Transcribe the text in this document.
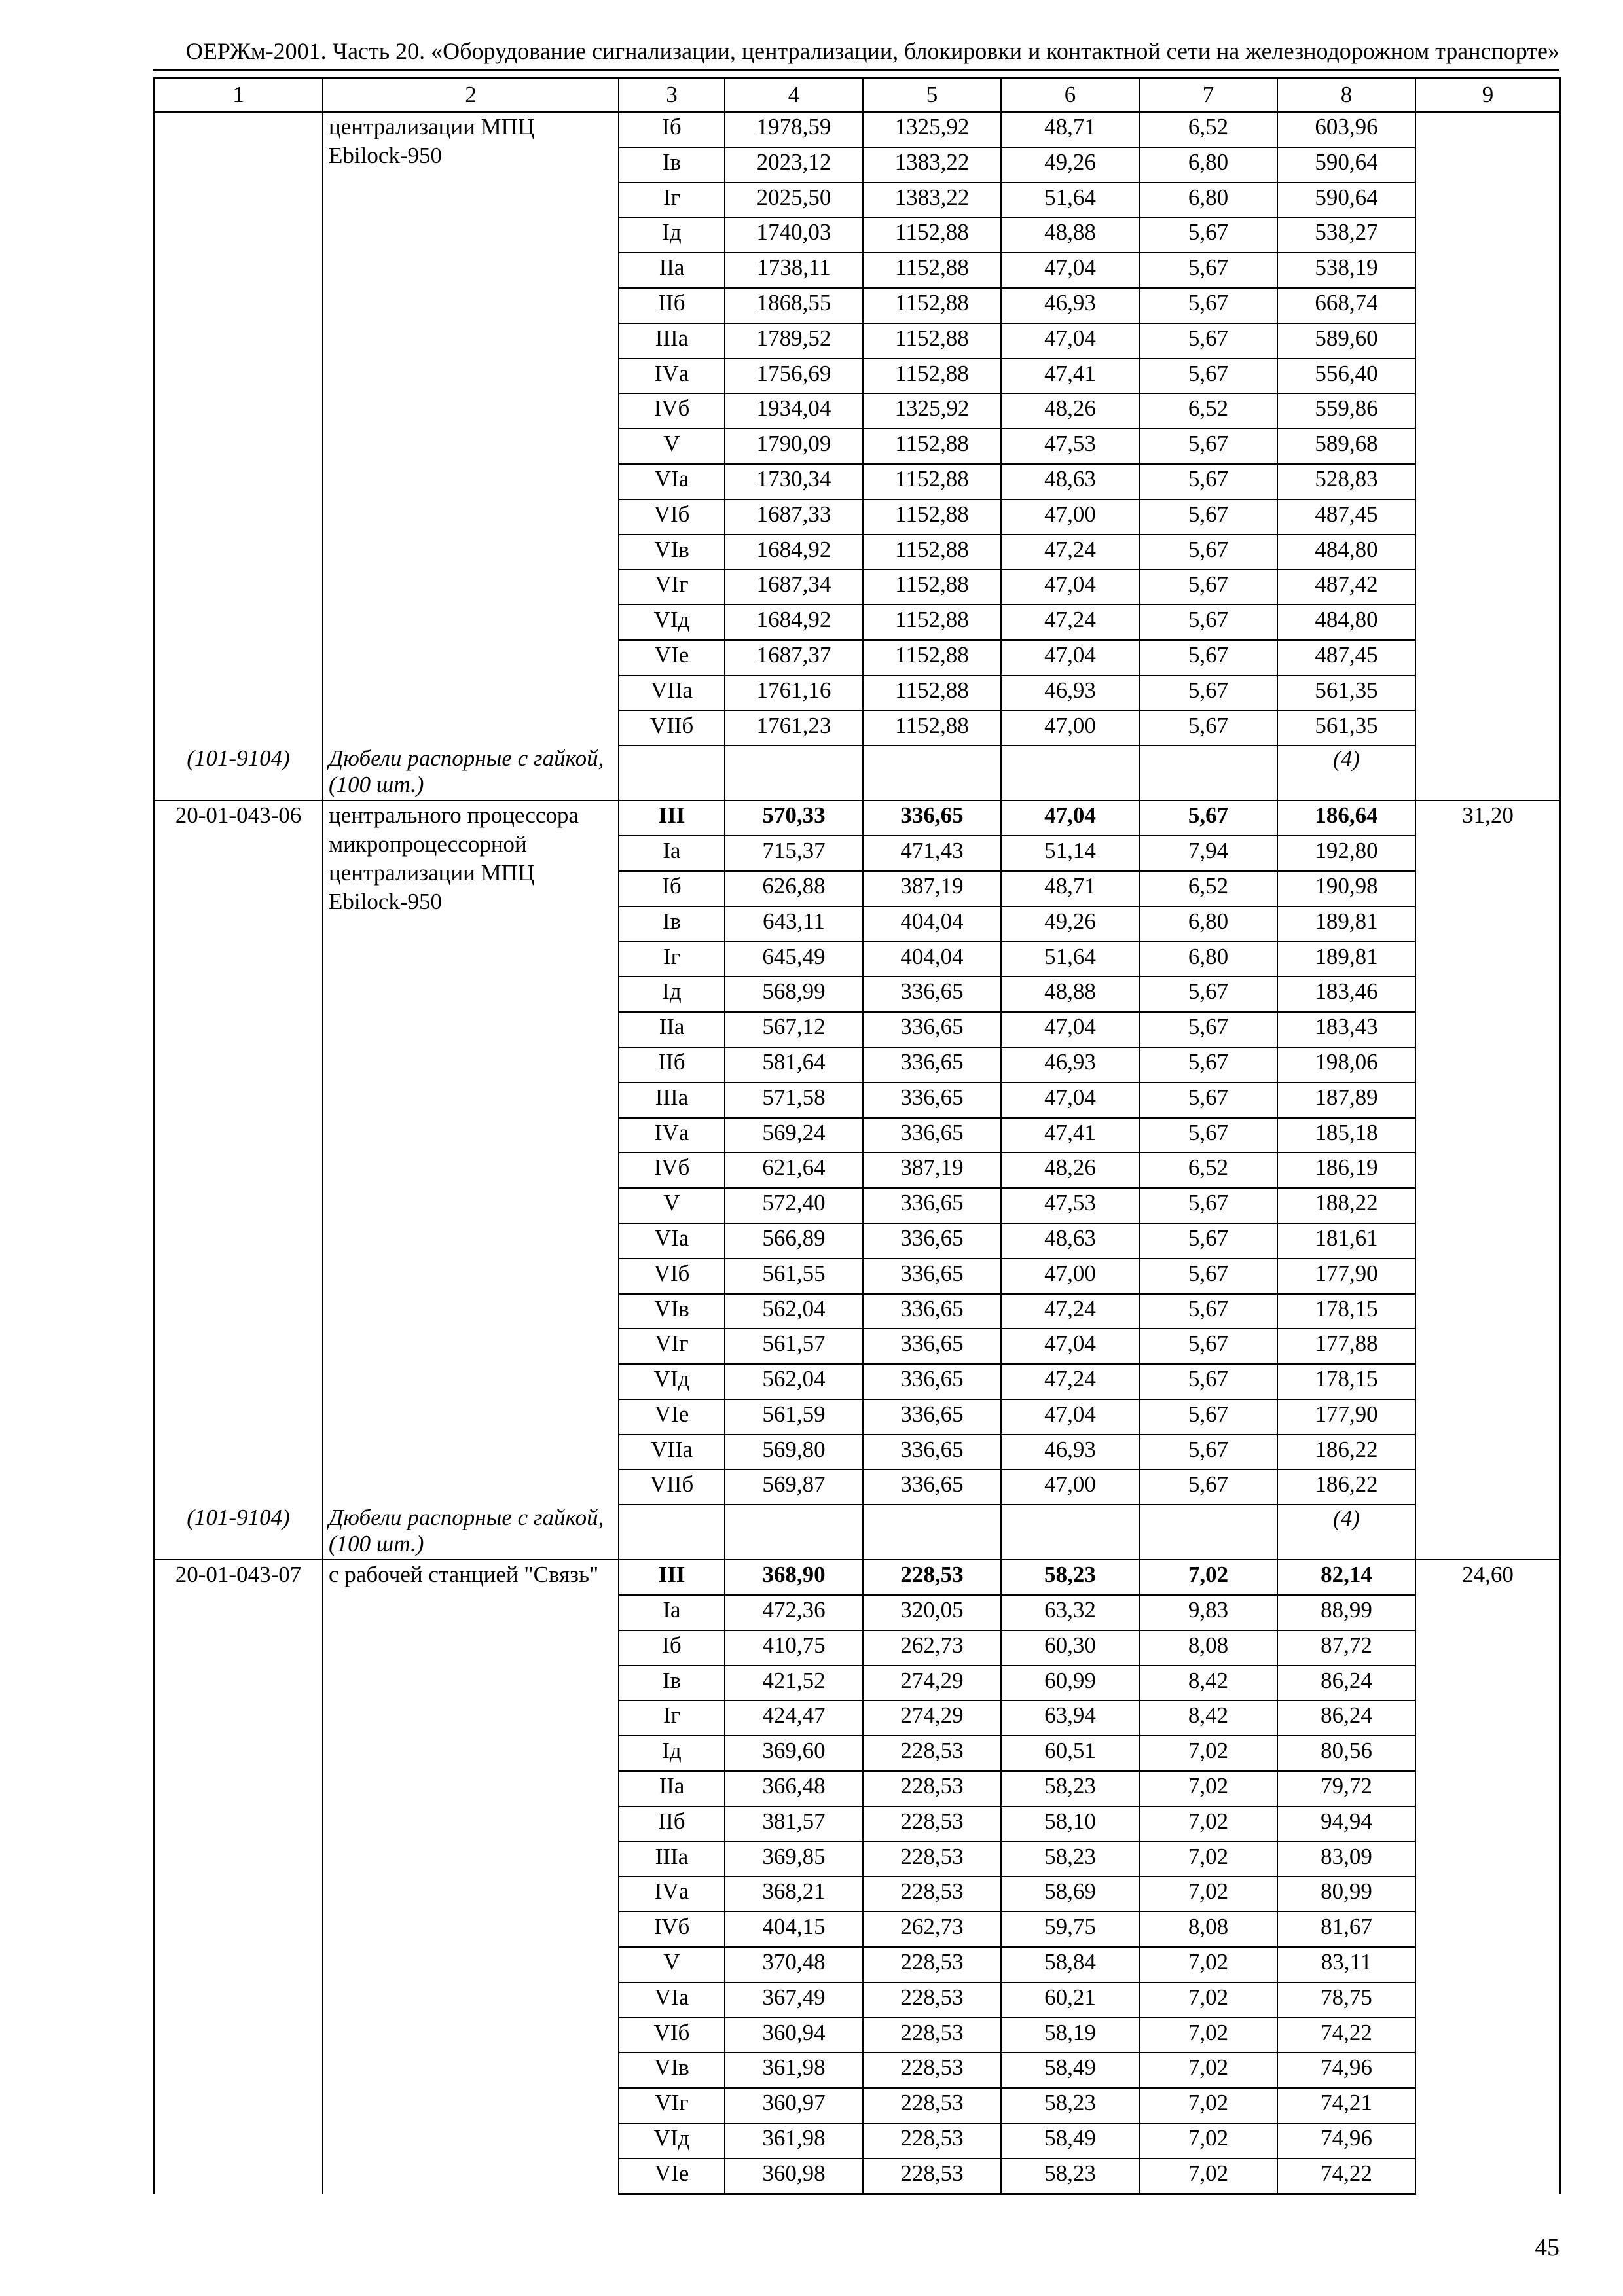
ОЕРЖм-2001. Часть 20. «Оборудование сигнализации, централизации, блокировки и контактной сети на железнодорожном транспорте»
1	2	3	4	5	6	7	8	9
	централизации МПЦ Ebilock-950	Iб	1978,59	1325,92	48,71	6,52	603,96	
		Iв	2023,12	1383,22	49,26	6,80	590,64	
		Iг	2025,50	1383,22	51,64	6,80	590,64	
		Iд	1740,03	1152,88	48,88	5,67	538,27	
		IIа	1738,11	1152,88	47,04	5,67	538,19	
		IIб	1868,55	1152,88	46,93	5,67	668,74	
		IIIа	1789,52	1152,88	47,04	5,67	589,60	
		IVа	1756,69	1152,88	47,41	5,67	556,40	
		IVб	1934,04	1325,92	48,26	6,52	559,86	
		V	1790,09	1152,88	47,53	5,67	589,68	
		VIа	1730,34	1152,88	48,63	5,67	528,83	
		VIб	1687,33	1152,88	47,00	5,67	487,45	
		VIв	1684,92	1152,88	47,24	5,67	484,80	
		VIг	1687,34	1152,88	47,04	5,67	487,42	
		VIд	1684,92	1152,88	47,24	5,67	484,80	
		VIе	1687,37	1152,88	47,04	5,67	487,45	
		VIIа	1761,16	1152,88	46,93	5,67	561,35	
		VIIб	1761,23	1152,88	47,00	5,67	561,35	
(101-9104)	Дюбели распорные с гайкой, (100 шт.)						(4)	
20-01-043-06	центрального процессора микропроцессорной централизации МПЦ Ebilock-950	III	570,33	336,65	47,04	5,67	186,64	31,20
		Iа	715,37	471,43	51,14	7,94	192,80	
		Iб	626,88	387,19	48,71	6,52	190,98	
		Iв	643,11	404,04	49,26	6,80	189,81	
		Iг	645,49	404,04	51,64	6,80	189,81	
		Iд	568,99	336,65	48,88	5,67	183,46	
		IIа	567,12	336,65	47,04	5,67	183,43	
		IIб	581,64	336,65	46,93	5,67	198,06	
		IIIа	571,58	336,65	47,04	5,67	187,89	
		IVа	569,24	336,65	47,41	5,67	185,18	
		IVб	621,64	387,19	48,26	6,52	186,19	
		V	572,40	336,65	47,53	5,67	188,22	
		VIа	566,89	336,65	48,63	5,67	181,61	
		VIб	561,55	336,65	47,00	5,67	177,90	
		VIв	562,04	336,65	47,24	5,67	178,15	
		VIг	561,57	336,65	47,04	5,67	177,88	
		VIд	562,04	336,65	47,24	5,67	178,15	
		VIе	561,59	336,65	47,04	5,67	177,90	
		VIIа	569,80	336,65	46,93	5,67	186,22	
		VIIб	569,87	336,65	47,00	5,67	186,22	
(101-9104)	Дюбели распорные с гайкой, (100 шт.)						(4)	
20-01-043-07	с рабочей станцией "Связь"	III	368,90	228,53	58,23	7,02	82,14	24,60
		Iа	472,36	320,05	63,32	9,83	88,99	
		Iб	410,75	262,73	60,30	8,08	87,72	
		Iв	421,52	274,29	60,99	8,42	86,24	
		Iг	424,47	274,29	63,94	8,42	86,24	
		Iд	369,60	228,53	60,51	7,02	80,56	
		IIа	366,48	228,53	58,23	7,02	79,72	
		IIб	381,57	228,53	58,10	7,02	94,94	
		IIIа	369,85	228,53	58,23	7,02	83,09	
		IVа	368,21	228,53	58,69	7,02	80,99	
		IVб	404,15	262,73	59,75	8,08	81,67	
		V	370,48	228,53	58,84	7,02	83,11	
		VIа	367,49	228,53	60,21	7,02	78,75	
		VIб	360,94	228,53	58,19	7,02	74,22	
		VIв	361,98	228,53	58,49	7,02	74,96	
		VIг	360,97	228,53	58,23	7,02	74,21	
		VIд	361,98	228,53	58,49	7,02	74,96	
		VIе	360,98	228,53	58,23	7,02	74,22	
45
